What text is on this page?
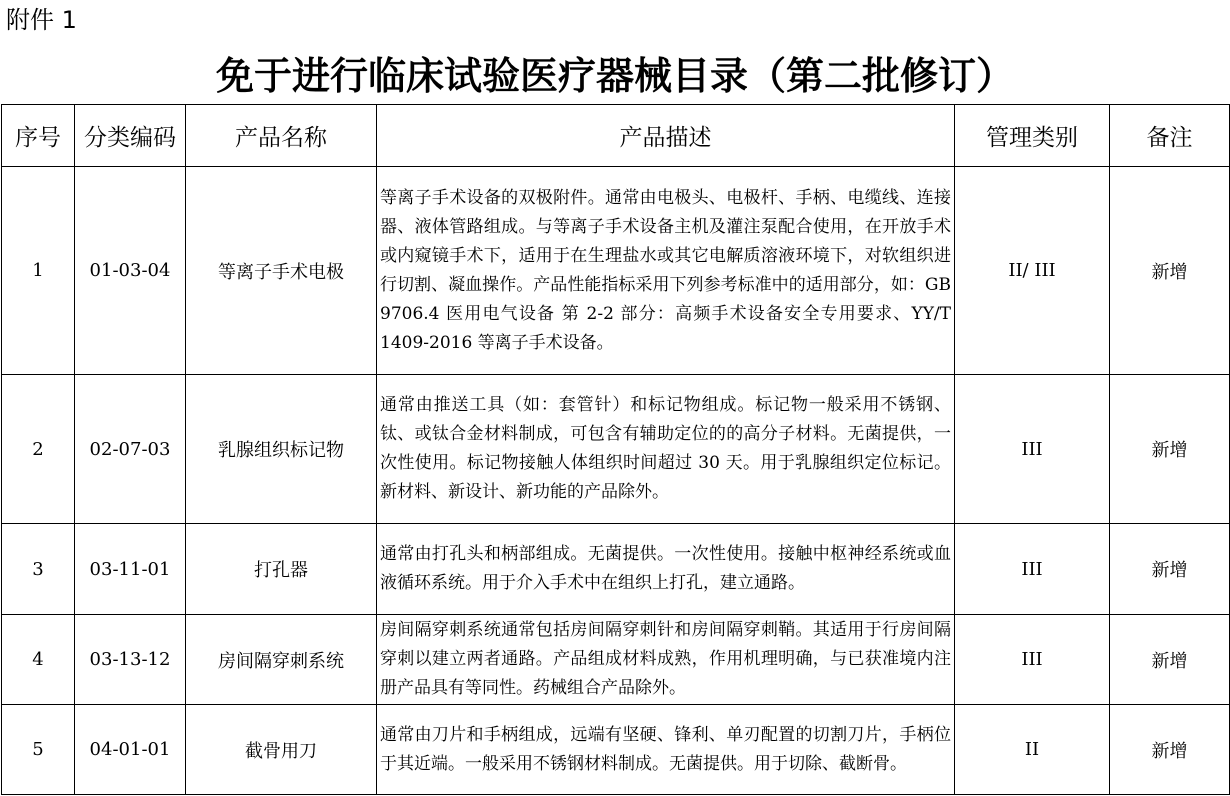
附件 1
免于进行临床试验医疗器械目录（第二批修订）
序号	分类编码	产品名称	产品描述	管理类别	备注
1	01-03-04	等离子手术电极	等离子手术设备的双极附件。通常由电极头、电极杆、手柄、电缆线、连接器、液体管路组成。与等离子手术设备主机及灌注泵配合使用，在开放手术或内窥镜手术下，适用于在生理盐水或其它电解质溶液环境下，对软组织进行切割、凝血操作。产品性能指标采用下列参考标准中的适用部分，如：GB 9706.4 医用电气设备 第 2-2 部分：高频手术设备安全专用要求、YY/T 1409-2016 等离子手术设备。	II/ III	新增
2	02-07-03	乳腺组织标记物	通常由推送工具（如：套管针）和标记物组成。标记物一般采用不锈钢、钛、或钛合金材料制成，可包含有辅助定位的的高分子材料。无菌提供，一次性使用。标记物接触人体组织时间超过 30 天。用于乳腺组织定位标记。新材料、新设计、新功能的产品除外。	III	新增
3	03-11-01	打孔器	通常由打孔头和柄部组成。无菌提供。一次性使用。接触中枢神经系统或血液循环系统。用于介入手术中在组织上打孔，建立通路。	III	新增
4	03-13-12	房间隔穿刺系统	房间隔穿刺系统通常包括房间隔穿刺针和房间隔穿刺鞘。其适用于行房间隔穿刺以建立两者通路。产品组成材料成熟，作用机理明确，与已获准境内注册产品具有等同性。药械组合产品除外。	III	新增
5	04-01-01	截骨用刀	通常由刀片和手柄组成，远端有坚硬、锋利、单刃配置的切割刀片，手柄位于其近端。一般采用不锈钢材料制成。无菌提供。用于切除、截断骨。	II	新增
